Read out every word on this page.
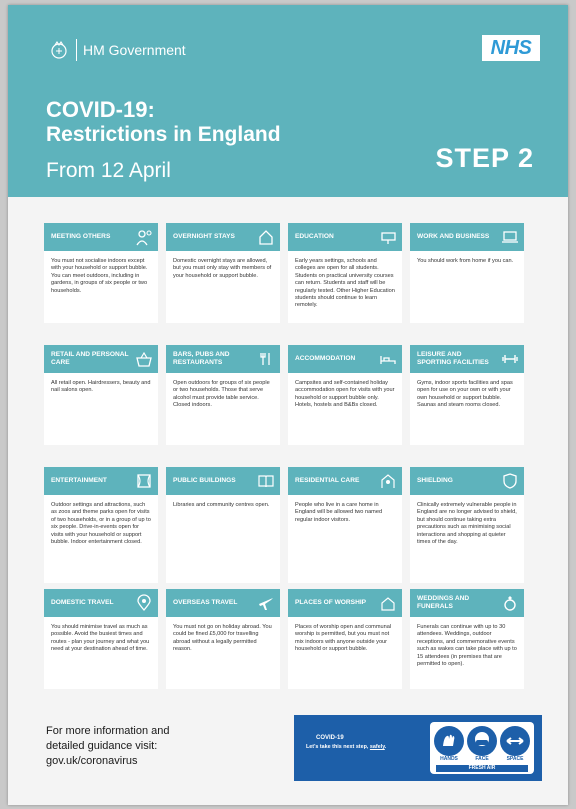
HM Government	NHS
COVID-19:
Restrictions in England
From 12 April	STEP 2
MEETING OTHERS
You must not socialise indoors except with your household or support bubble. You can meet outdoors, including in gardens, in groups of six people or two households.
OVERNIGHT STAYS
Domestic overnight stays are allowed, but you must only stay with members of your household or support bubble.
EDUCATION
Early years settings, schools and colleges are open for all students. Students on practical university courses can return. Students and staff will be regularly tested. Other Higher Education students should continue to learn remotely.
WORK AND BUSINESS
You should work from home if you can.
RETAIL AND PERSONAL CARE
All retail open. Hairdressers, beauty and nail salons open.
BARS, PUBS AND RESTAURANTS
Open outdoors for groups of six people or two households. Those that serve alcohol must provide table service. Closed indoors.
ACCOMMODATION
Campsites and self-contained holiday accommodation open for visits with your household or support bubble only. Hotels, hostels and B&Bs closed.
LEISURE AND SPORTING FACILITIES
Gyms, indoor sports facilities and spas open for use on your own or with your own household or support bubble. Saunas and steam rooms closed.
ENTERTAINMENT
Outdoor settings and attractions, such as zoos and theme parks open for visits of two households, or in a group of up to six people. Drive-in-events open for visits with your household or support bubble. Indoor entertainment closed.
PUBLIC BUILDINGS
Libraries and community centres open.
RESIDENTIAL CARE
People who live in a care home in England will be allowed two named regular indoor visitors.
SHIELDING
Clinically extremely vulnerable people in England are no longer advised to shield, but should continue taking extra precautions such as minimising social interactions and shopping at quieter times of the day.
DOMESTIC TRAVEL
You should minimise travel as much as possible. Avoid the busiest times and routes - plan your journey and what you need at your destination ahead of time.
OVERSEAS TRAVEL
You must not go on holiday abroad. You could be fined £5,000 for travelling abroad without a legally permitted reason.
PLACES OF WORSHIP
Places of worship open and communal worship is permitted, but you must not mix indoors with anyone outside your household or support bubble.
WEDDINGS AND FUNERALS
Funerals can continue with up to 30 attendees. Weddings, outdoor receptions, and commemorative events such as wakes can take place with up to 15 attendees (in premises that are permitted to open).
For more information and
detailed guidance visit:
gov.uk/coronavirus
COVID-19
Let's take this next step, safely.
HANDS	FACE	SPACE
FRESH AIR
